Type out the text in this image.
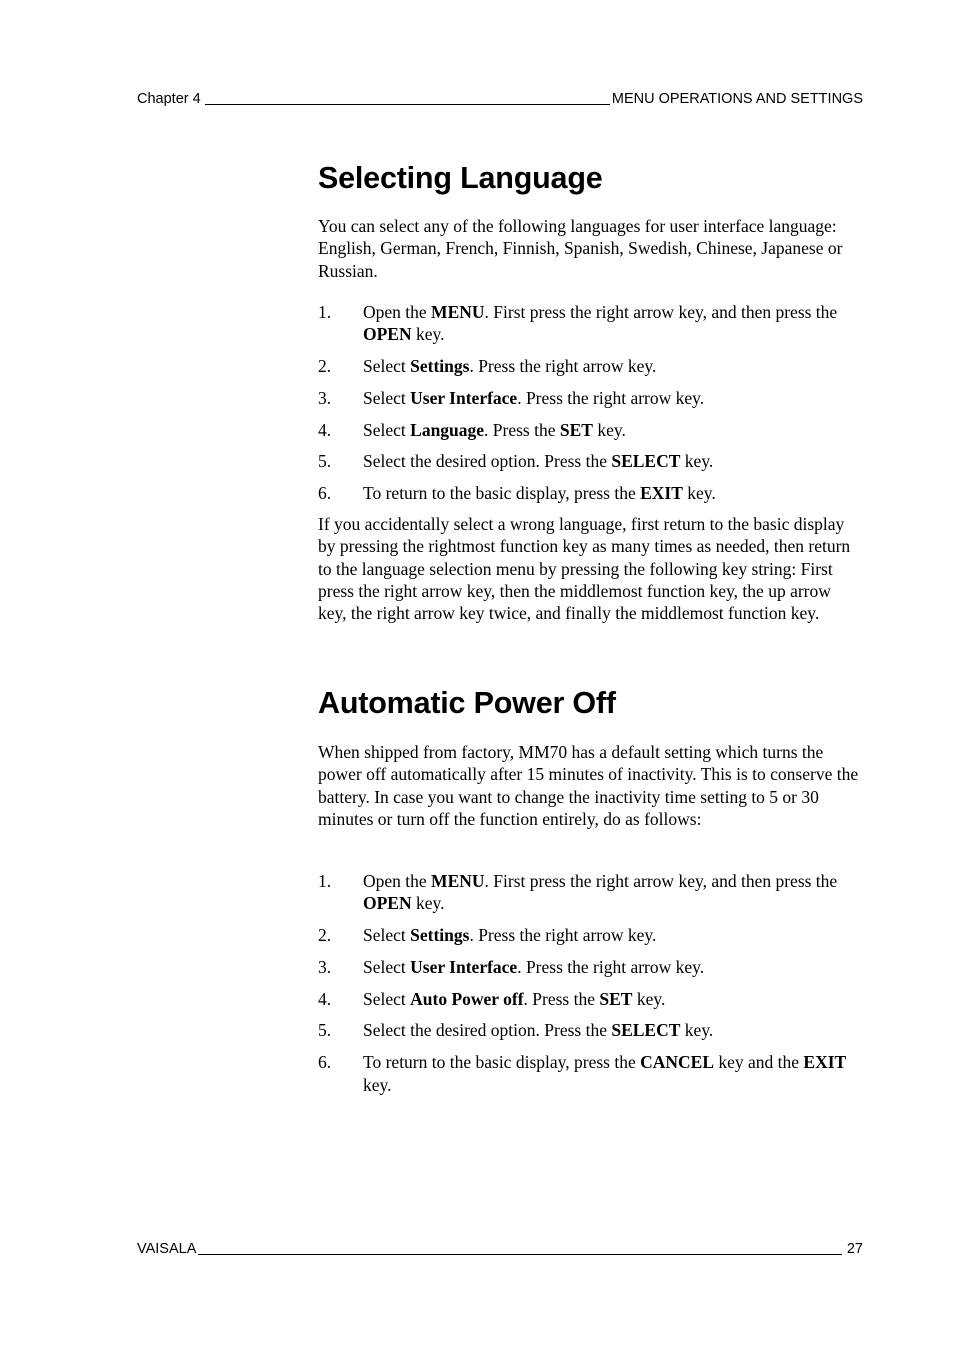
Chapter 4	MENU OPERATIONS AND SETTINGS
Selecting Language

You can select any of the following languages for user interface language: English, German, French, Finnish, Spanish, Swedish, Chinese, Japanese or Russian.

1.	Open the MENU. First press the right arrow key, and then press the OPEN key.
2.	Select Settings. Press the right arrow key.
3.	Select User Interface. Press the right arrow key.
4.	Select Language. Press the SET key.
5.	Select the desired option. Press the SELECT key.
6.	To return to the basic display, press the EXIT key.

If you accidentally select a wrong language, first return to the basic display by pressing the rightmost function key as many times as needed, then return to the language selection menu by pressing the following key string: First press the right arrow key, then the middlemost function key, the up arrow key, the right arrow key twice, and finally the middlemost function key.

Automatic Power Off

When shipped from factory, MM70 has a default setting which turns the power off automatically after 15 minutes of inactivity. This is to conserve the battery. In case you want to change the inactivity time setting to 5 or 30 minutes or turn off the function entirely, do as follows:

1.	Open the MENU. First press the right arrow key, and then press the OPEN key.
2.	Select Settings. Press the right arrow key.
3.	Select User Interface. Press the right arrow key.
4.	Select Auto Power off. Press the SET key.
5.	Select the desired option. Press the SELECT key.
6.	To return to the basic display, press the CANCEL key and the EXIT key.
VAISALA	27
